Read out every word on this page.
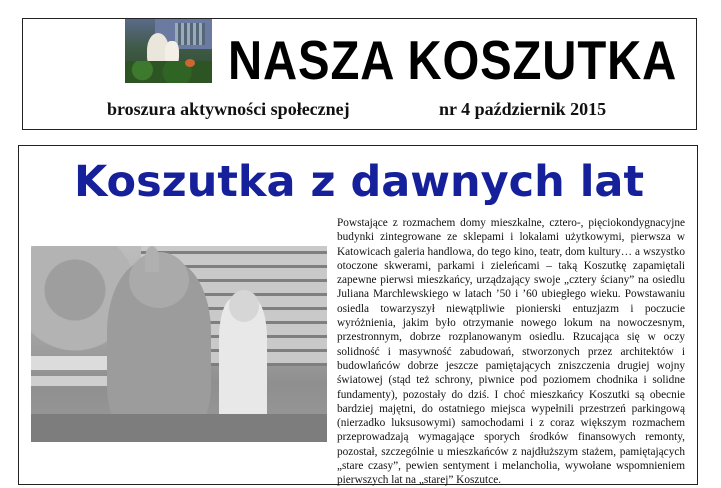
NASZA KOSZUTKA
broszura aktywności społecznej	nr 4 październik 2015
Koszutka z dawnych lat
Powstające z rozmachem domy mieszkalne, cztero-, pięciokondygnacyjne budynki zintegrowane ze sklepami i lokalami użytkowymi, pierwsza w Katowicach galeria handlowa, do tego kino, teatr, dom kultury… a wszystko otoczone skwerami, parkami i zieleńcami – taką Koszutkę zapamiętali zapewne pierwsi mieszkańcy, urządzający swoje „cztery ściany” na osiedlu Juliana Marchlewskiego w latach ’50 i ’60 ubiegłego wieku. Powstawaniu osiedla towarzyszył niewątpliwie pionierski entuzjazm i poczucie wyróżnienia, jakim było otrzymanie nowego lokum na nowoczesnym, przestronnym, dobrze rozplanowanym osiedlu. Rzucająca się w oczy solidność i masywność zabudowań, stworzonych przez architektów i budowlańców dobrze jeszcze pamiętających zniszczenia drugiej wojny światowej (stąd też schrony, piwnice pod poziomem chodnika i solidne fundamenty), pozostały do dziś. I choć mieszkańcy Koszutki są obecnie bardziej majętni, do ostatniego miejsca wypełnili przestrzeń parkingową (nierzadko luksusowymi) samochodami i z coraz większym rozmachem przeprowadzają wymagające sporych środków finansowych remonty, pozostał, szczególnie u mieszkańców z najdłuższym stażem, pamiętających „stare czasy”, pewien sentyment i melancholia, wywołane wspomnieniem pierwszych lat na „starej” Koszutce.
